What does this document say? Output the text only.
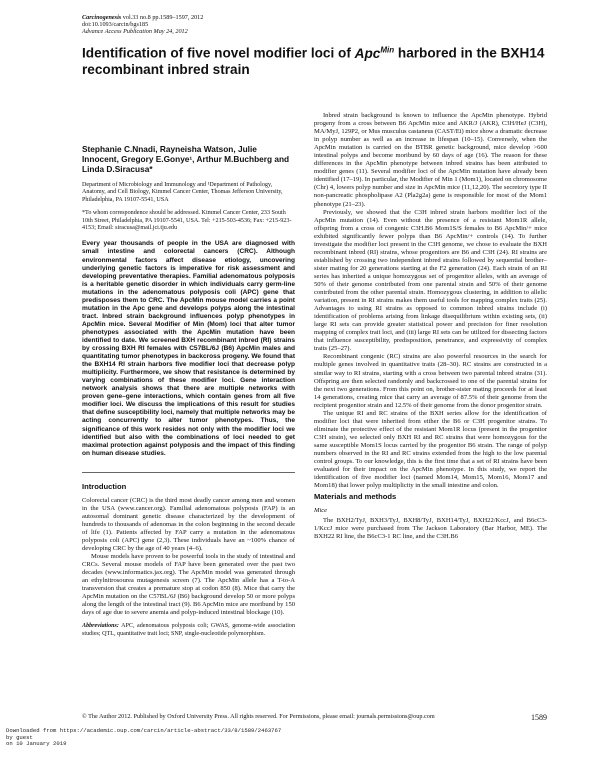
Carcinogenesis vol.33 no.8 pp.1589–1597, 2012
doi:10.1093/carcin/bgs185
Advance Access Publication May 24, 2012
Identification of five novel modifier loci of Apc$^{Min}$ harbored in the BXH14 recombinant inbred strain
Stephanie C.Nnadi, Rayneisha Watson, Julie Innocent, Gregory E.Gonye¹, Arthur M.Buchberg and Linda D.Siracusa*
Department of Microbiology and Immunology and ¹Department of Pathology, Anatomy, and Cell Biology, Kimmel Cancer Center, Thomas Jefferson University, Philadelphia, PA 19107-5541, USA
*To whom correspondence should be addressed. Kimmel Cancer Center, 233 South 10th Street, Philadelphia, PA 19107-5541, USA. Tel: +215-503-4536; Fax: +215-923-4153; Email: siracusa@mail.jci.tju.edu
Every year thousands of people in the USA are diagnosed with small intestine and colorectal cancers (CRC). Although environmental factors affect disease etiology, uncovering underlying genetic factors is imperative for risk assessment and developing preventative therapies. Familial adenomatous polyposis is a heritable genetic disorder in which individuals carry germ-line mutations in the adenomatous polyposis coli (APC) gene that predisposes them to CRC. The ApcMin mouse model carries a point mutation in the Apc gene and develops polyps along the intestinal tract. Inbred strain background influences polyp phenotypes in ApcMin mice. Several Modifier of Min (Mom) loci that alter tumor phenotypes associated with the ApcMin mutation have been identified to date. We screened BXH recombinant inbred (RI) strains by crossing BXH RI females with C57BL/6J (B6) ApcMin males and quantitating tumor phenotypes in backcross progeny. We found that the BXH14 RI strain harbors five modifier loci that decrease polyp multiplicity. Furthermore, we show that resistance is determined by varying combinations of these modifier loci. Gene interaction network analysis shows that there are multiple networks with proven gene–gene interactions, which contain genes from all five modifier loci. We discuss the implications of this result for studies that define susceptibility loci, namely that multiple networks may be acting concurrently to alter tumor phenotypes. Thus, the significance of this work resides not only with the modifier loci we identified but also with the combinations of loci needed to get maximal protection against polyposis and the impact of this finding on human disease studies.
Introduction

Colorectal cancer (CRC) is the third most deadly cancer among men and women in the USA (www.cancer.org). Familial adenomatous polyposis (FAP) is an autosomal dominant genetic disease characterized by the development of hundreds to thousands of adenomas in the colon beginning in the second decade of life (1). Patients affected by FAP carry a mutation in the adenomatous polyposis coli (APC) gene (2,3). These individuals have an ~100% chance of developing CRC by the age of 40 years (4–6).

Mouse models have proven to be powerful tools in the study of intestinal and CRCs. Several mouse models of FAP have been generated over the past two decades (www.informatics.jax.org). The ApcMin model was generated through an ethylnitrosourea mutagenesis screen (7). The ApcMin allele has a T-to-A transversion that creates a premature stop at codon 850 (8). Mice that carry the ApcMin mutation on the C57BL/6J (B6) background develop 50 or more polyps along the length of the intestinal tract (9). B6 ApcMin mice are moribund by 150 days of age due to severe anemia and polyp-induced intestinal blockage (10).

Abbreviations: APC, adenomatous polyposis coli; GWAS, genome-wide association studies; QTL, quantitative trait loci; SNP, single-nucleotide polymorphism.

Inbred strain background is known to influence the ApcMin phenotype. Hybrid progeny from a cross between B6 ApcMin mice and AKR/J (AKR), C3H/HeJ (C3H), MA/MyJ, 129P2, or Mus musculus castaneus (CAST/Ei) mice show a dramatic decrease in polyp number as well as an increase in lifespan (10–15). Conversely, when the ApcMin mutation is carried on the BTBR genetic background, mice develop >600 intestinal polyps and become moribund by 60 days of age (16). The reason for these differences in the ApcMin phenotype between inbred strains has been attributed to modifier genes (11). Several modifier loci of the ApcMin mutation have already been identified (17–19). In particular, the Modifier of Min 1 (Mom1), located on chromosome (Chr) 4, lowers polyp number and size in ApcMin mice (11,12,20). The secretory type II non-pancreatic phospholipase A2 (Pla2g2a) gene is responsible for most of the Mom1 phenotype (21–23).

Previously, we showed that the C3H inbred strain harbors modifier loci of the ApcMin mutation (14). Even without the presence of a resistant Mom1R allele, offspring from a cross of congenic C3H.B6 Mom1S/S females to B6 ApcMin/+ mice exhibited significantly fewer polyps than B6 ApcMin/+ controls (14). To further investigate the modifier loci present in the C3H genome, we chose to evaluate the BXH recombinant inbred (RI) strains, whose progenitors are B6 and C3H (24). RI strains are established by crossing two independent inbred strains followed by sequential brother–sister mating for 20 generations starting at the F2 generation (24). Each strain of an RI series has inherited a unique homozygous set of progenitor alleles, with an average of 50% of their genome contributed from one parental strain and 50% of their genome contributed from the other parental strain. Homozygous clustering, in addition to allelic variation, present in RI strains makes them useful tools for mapping complex traits (25). Advantages to using RI strains as opposed to common inbred strains include (i) identification of problems arising from linkage disequilibrium within existing sets, (ii) large RI sets can provide greater statistical power and precision for finer resolution mapping of complex trait loci, and (iii) large RI sets can be utilized for dissecting factors that influence susceptibility, predisposition, penetrance, and expressivity of complex traits (25–27).

Recombinant congenic (RC) strains are also powerful resources in the search for multiple genes involved in quantitative traits (28–30). RC strains are constructed in a similar way to RI strains, starting with a cross between two parental inbred strains (31). Offspring are then selected randomly and backcrossed to one of the parental strains for the next two generations. From this point on, brother-sister mating proceeds for at least 14 generations, creating mice that carry an average of 87.5% of their genome from the recipient progenitor strain and 12.5% of their genome from the donor progenitor strain.

The unique RI and RC strains of the BXH series allow for the identification of modifier loci that were inherited from either the B6 or C3H progenitor strains. To eliminate the protective effect of the resistant Mom1R locus (present in the progenitor C3H strain), we selected only BXH RI and RC strains that were homozygous for the same susceptible Mom1S locus carried by the progenitor B6 strain. The range of polyp numbers observed in the RI and RC strains extended from the high to the low parental control groups. To our knowledge, this is the first time that a set of RI strains have been evaluated for their impact on the ApcMin phenotype. In this study, we report the identification of five modifier loci (named Mom14, Mom15, Mom16, Mom17 and Mom18) that lower polyp multiplicity in the small intestine and colon.

Materials and methods
Mice

The BXH2/TyJ, BXH3/TyJ, BXH8/TyJ, BXH14/TyJ, BXH22/KccJ, and B6cC3-1/KccJ mice were purchased from The Jackson Laboratory (Bar Harbor, ME). The BXH22 RI line, the B6cC3-1 RC line, and the C3H.B6

© The Author 2012. Published by Oxford University Press. All rights reserved. For Permissions, please email: journals.permissions@oup.com	1589
Downloaded from https://academic.oup.com/carcin/article-abstract/33/8/1589/2463767
by guest
on 10 January 2019
